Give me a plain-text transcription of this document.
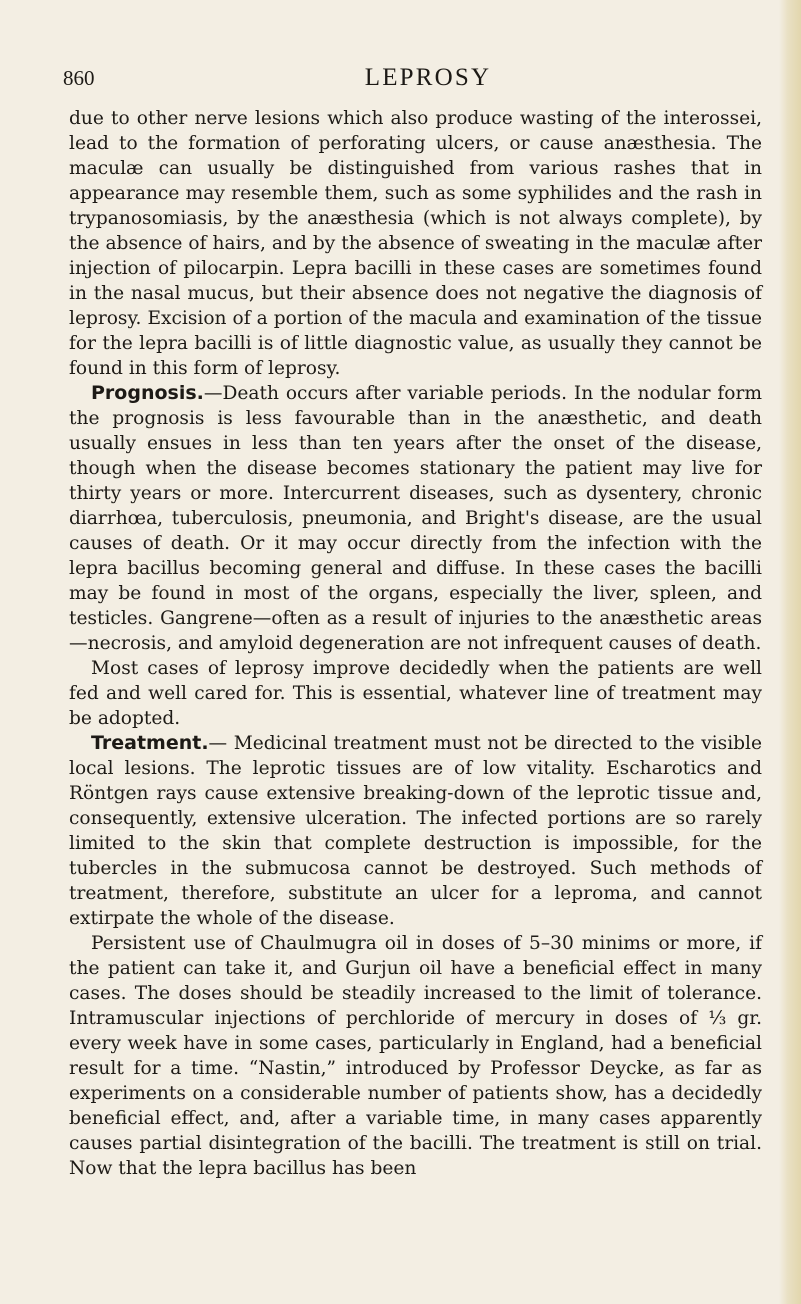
860	LEPROSY

due to other nerve lesions which also produce wasting of the interossei, lead to the formation of perforating ulcers, or cause anæsthesia. The maculæ can usually be distinguished from various rashes that in appearance may resemble them, such as some syphilides and the rash in trypanosomiasis, by the anæsthesia (which is not always complete), by the absence of hairs, and by the absence of sweating in the maculæ after injection of pilocarpin. Lepra bacilli in these cases are sometimes found in the nasal mucus, but their absence does not negative the diagnosis of leprosy. Excision of a portion of the macula and examination of the tissue for the lepra bacilli is of little diagnostic value, as usually they cannot be found in this form of leprosy.

Prognosis.—Death occurs after variable periods. In the nodular form the prognosis is less favourable than in the anæsthetic, and death usually ensues in less than ten years after the onset of the disease, though when the disease becomes stationary the patient may live for thirty years or more. Intercurrent diseases, such as dysentery, chronic diarrhœa, tuberculosis, pneumonia, and Bright's disease, are the usual causes of death. Or it may occur directly from the infection with the lepra bacillus becoming general and diffuse. In these cases the bacilli may be found in most of the organs, especially the liver, spleen, and testicles. Gangrene—often as a result of injuries to the anæsthetic areas—necrosis, and amyloid degeneration are not infrequent causes of death.

Most cases of leprosy improve decidedly when the patients are well fed and well cared for. This is essential, whatever line of treatment may be adopted.

Treatment.— Medicinal treatment must not be directed to the visible local lesions. The leprotic tissues are of low vitality. Escharotics and Röntgen rays cause extensive breaking-down of the leprotic tissue and, consequently, extensive ulceration. The infected portions are so rarely limited to the skin that complete destruction is impossible, for the tubercles in the submucosa cannot be destroyed. Such methods of treatment, therefore, substitute an ulcer for a leproma, and cannot extirpate the whole of the disease.

Persistent use of Chaulmugra oil in doses of 5–30 minims or more, if the patient can take it, and Gurjun oil have a beneficial effect in many cases. The doses should be steadily increased to the limit of tolerance. Intramuscular injections of perchloride of mercury in doses of ⅓ gr. every week have in some cases, particularly in England, had a beneficial result for a time. “Nastin,” introduced by Professor Deycke, as far as experiments on a considerable number of patients show, has a decidedly beneficial effect, and, after a variable time, in many cases apparently causes partial disintegration of the bacilli. The treatment is still on trial. Now that the lepra bacillus has been
